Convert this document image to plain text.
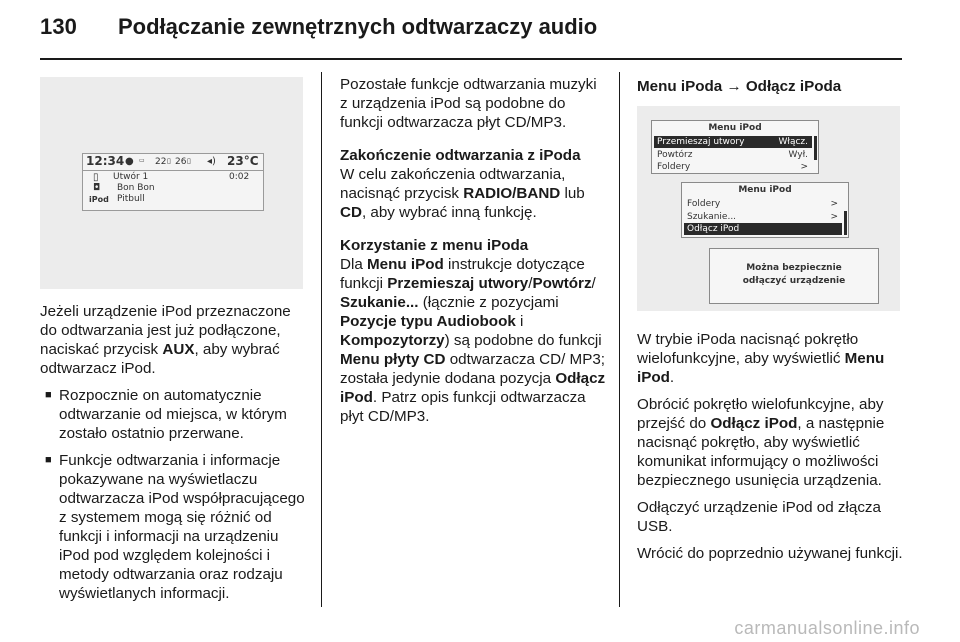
130 Podłączanie zewnętrznych odtwarzaczy audio
12:34 ● ▭ 22 ▯ 26 ▯ ◂) 23°C
▯
◘
iPod
Utwór 1	0:02
Bon Bon
Pitbull

Jeżeli urządzenie iPod przeznaczone do odtwarzania jest już podłączone, naciskać przycisk AUX, aby wybrać odtwarzacz iPod.

■ Rozpocznie on automatycznie odtwarzanie od miejsca, w którym zostało ostatnio przerwane.

■ Funkcje odtwarzania i informacje pokazywane na wyświetlaczu odtwarzacza iPod współpracującego z systemem mogą się różnić od funkcji i informacji na urządzeniu iPod pod względem kolejności i metody odtwarzania oraz rodzaju wyświetlanych informacji.

Pozostałe funkcje odtwarzania muzyki z urządzenia iPod są podobne do funkcji odtwarzacza płyt CD/MP3.

Zakończenie odtwarzania z iPoda

W celu zakończenia odtwarzania, nacisnąć przycisk RADIO/BAND lub CD, aby wybrać inną funkcję.

Korzystanie z menu iPoda

Dla Menu iPod instrukcje dotyczące funkcji Przemieszaj utwory/Powtórz/ Szukanie... (łącznie z pozycjami Pozycje typu Audiobook i Kompozytorzy) są podobne do funkcji Menu płyty CD odtwarzacza CD/ MP3; została jedynie dodana pozycja Odłącz iPod. Patrz opis funkcji odtwarzacza płyt CD/MP3.

Menu iPoda → Odłącz iPoda

Menu iPod
Przemieszaj utwory	Włącz.
Powtórz	Wył.
Foldery	>
Menu iPod
Foldery	>
Szukanie...	>
Odłącz iPod
Można bezpiecznie odłączyć urządzenie

W trybie iPoda nacisnąć pokrętło wielofunkcyjne, aby wyświetlić Menu iPod.

Obrócić pokrętło wielofunkcyjne, aby przejść do Odłącz iPod, a następnie nacisnąć pokrętło, aby wyświetlić komunikat informujący o możliwości bezpiecznego usunięcia urządzenia.

Odłączyć urządzenie iPod od złącza USB.

Wrócić do poprzednio używanej funkcji.

carmanualsonline.info
